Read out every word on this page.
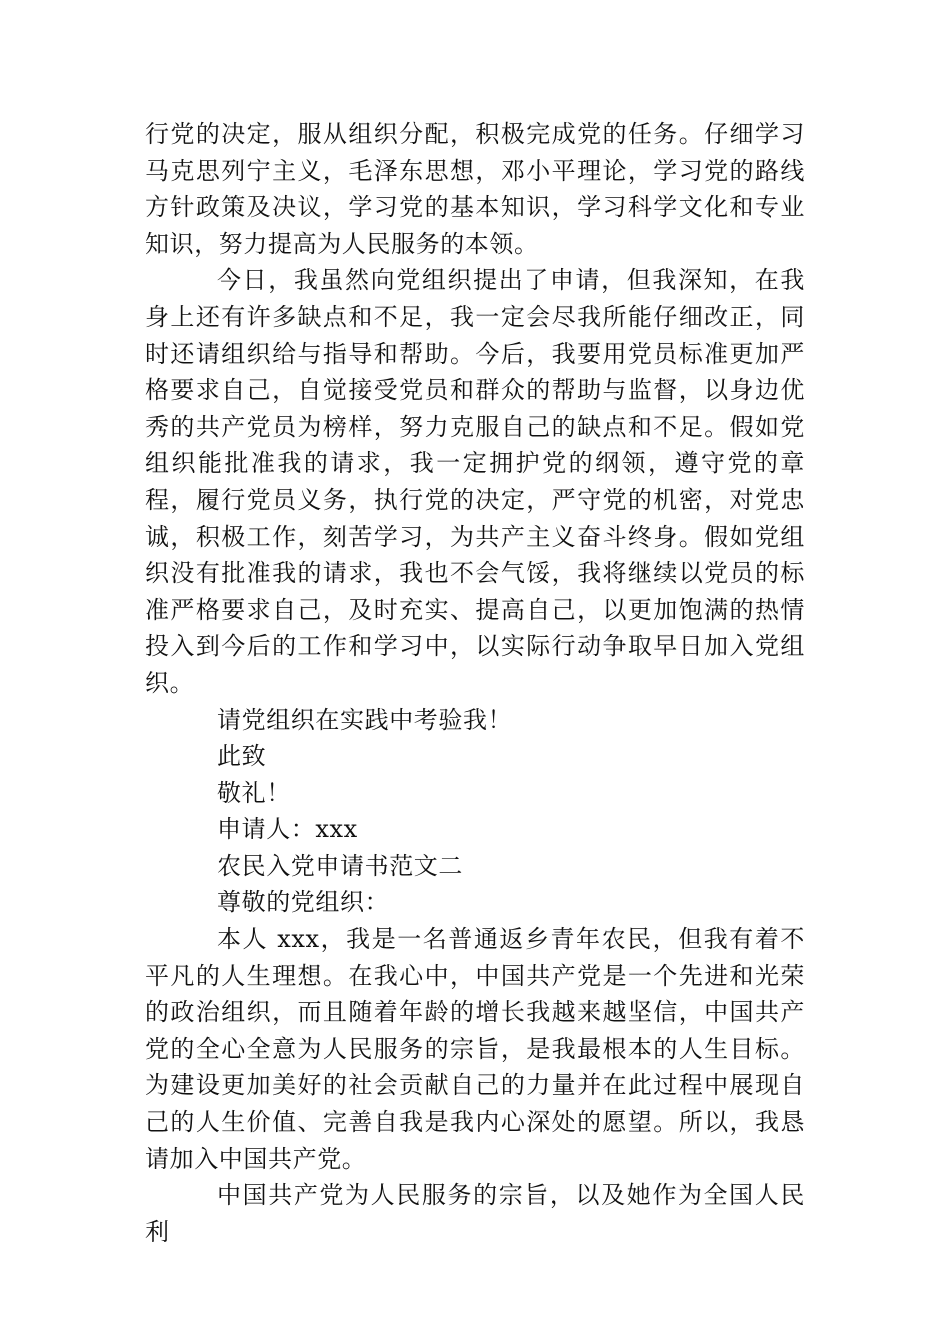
行党的决定，服从组织分配，积极完成党的任务。仔细学习马克思列宁主义，毛泽东思想，邓小平理论，学习党的路线方针政策及决议，学习党的基本知识，学习科学文化和专业知识，努力提高为人民服务的本领。

今日，我虽然向党组织提出了申请，但我深知，在我身上还有许多缺点和不足，我一定会尽我所能仔细改正，同时还请组织给与指导和帮助。今后，我要用党员标准更加严格要求自己，自觉接受党员和群众的帮助与监督，以身边优秀的共产党员为榜样，努力克服自己的缺点和不足。假如党组织能批准我的请求，我一定拥护党的纲领，遵守党的章程，履行党员义务，执行党的决定，严守党的机密，对党忠诚，积极工作，刻苦学习，为共产主义奋斗终身。假如党组织没有批准我的请求，我也不会气馁，我将继续以党员的标准严格要求自己，及时充实、提高自己，以更加饱满的热情投入到今后的工作和学习中，以实际行动争取早日加入党组织。

请党组织在实践中考验我！

此致

敬礼！

申请人：xxx

农民入党申请书范文二

尊敬的党组织：

本人 xxx，我是一名普通返乡青年农民，但我有着不平凡的人生理想。在我心中，中国共产党是一个先进和光荣的政治组织，而且随着年龄的增长我越来越坚信，中国共产党的全心全意为人民服务的宗旨，是我最根本的人生目标。为建设更加美好的社会贡献自己的力量并在此过程中展现自己的人生价值、完善自我是我内心深处的愿望。所以，我恳请加入中国共产党。

中国共产党为人民服务的宗旨，以及她作为全国人民利
